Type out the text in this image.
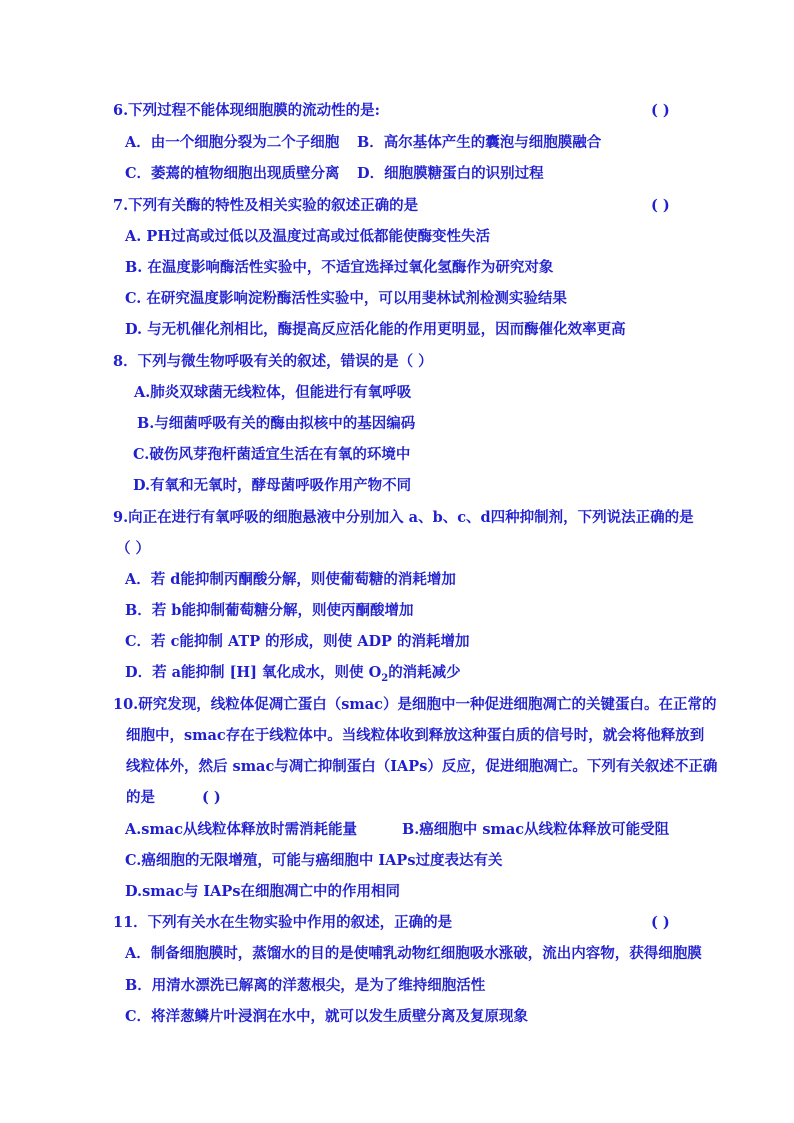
6.下列过程不能体现细胞膜的流动性的是:	( )
A．由一个细胞分裂为二个子细胞 B．高尔基体产生的囊泡与细胞膜融合
C．萎蔫的植物细胞出现质壁分离 D．细胞膜糖蛋白的识别过程
7.下列有关酶的特性及相关实验的叙述正确的是	( )
A. PH过高或过低以及温度过高或过低都能使酶变性失活
B. 在温度影响酶活性实验中，不适宜选择过氧化氢酶作为研究对象
C. 在研究温度影响淀粉酶活性实验中，可以用斐林试剂检测实验结果
D. 与无机催化剂相比，酶提高反应活化能的作用更明显，因而酶催化效率更高
8．下列与微生物呼吸有关的叙述，错误的是（ ）
A.肺炎双球菌无线粒体，但能进行有氧呼吸
B.与细菌呼吸有关的酶由拟核中的基因编码
C.破伤风芽孢杆菌适宜生活在有氧的环境中
D.有氧和无氧时，酵母菌呼吸作用产物不同
9.向正在进行有氧呼吸的细胞悬液中分别加入 a、b、c、d四种抑制剂，下列说法正确的是
（ ）
A．若 d能抑制丙酮酸分解，则使葡萄糖的消耗增加
B．若 b能抑制葡萄糖分解，则使丙酮酸增加
C．若 c能抑制 ATP 的形成，则使 ADP 的消耗增加
D．若 a能抑制 [H] 氧化成水，则使 $O_2$的消耗减少
10.研究发现，线粒体促凋亡蛋白（smac）是细胞中一种促进细胞凋亡的关键蛋白。在正常的
细胞中，smac存在于线粒体中。当线粒体收到释放这种蛋白质的信号时，就会将他释放到
线粒体外，然后 smac与凋亡抑制蛋白（IAPs）反应，促进细胞凋亡。下列有关叙述不正确
的是	( )
A.smac从线粒体释放时需消耗能量	B.癌细胞中 smac从线粒体释放可能受阻
C.癌细胞的无限增殖，可能与癌细胞中 IAPs过度表达有关
D.smac与 IAPs在细胞凋亡中的作用相同
11．下列有关水在生物实验中作用的叙述，正确的是	( )
A．制备细胞膜时，蒸馏水的目的是使哺乳动物红细胞吸水涨破，流出内容物，获得细胞膜
B．用清水漂洗已解离的洋葱根尖，是为了维持细胞活性
C．将洋葱鳞片叶浸润在水中，就可以发生质壁分离及复原现象
